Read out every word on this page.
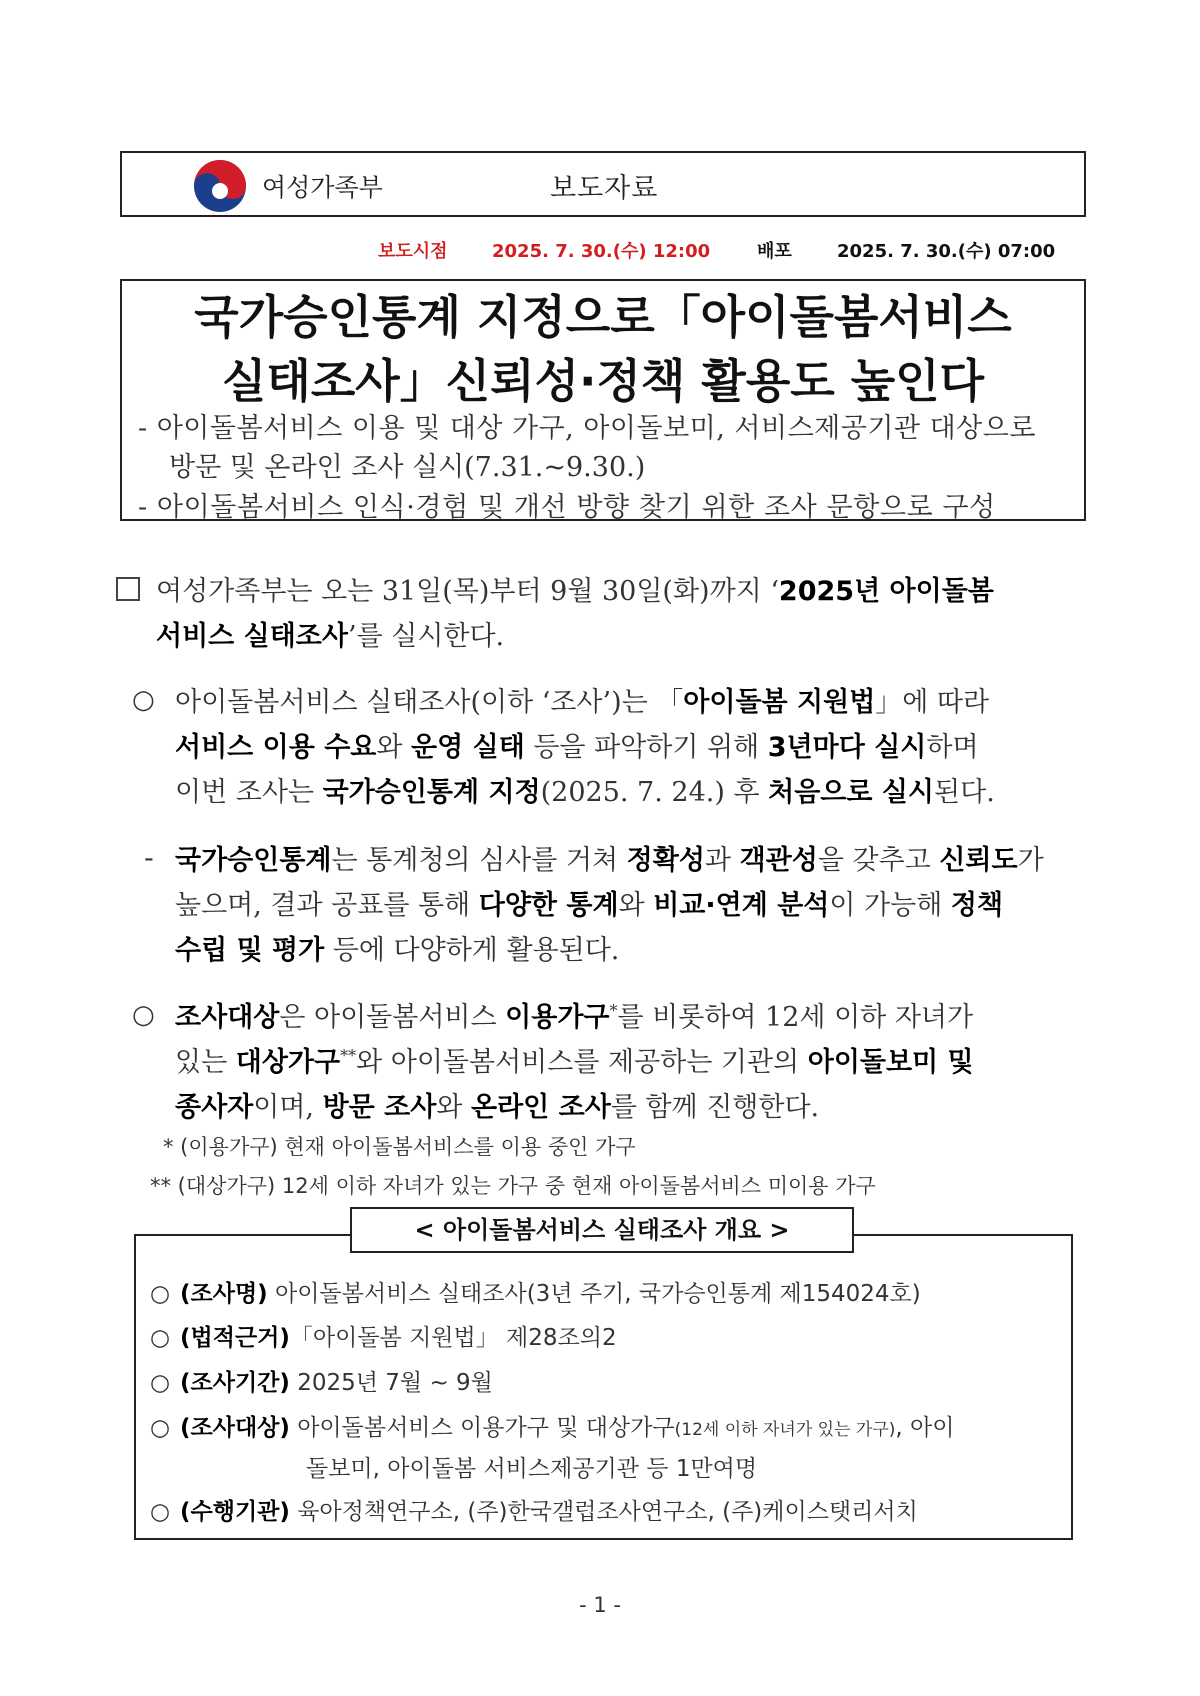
여성가족부	보도자료
보도시점 2025. 7. 30.(수) 12:00	배포	2025. 7. 30.(수) 07:00
국가승인통계 지정으로「아이돌봄서비스
실태조사」신뢰성·정책 활용도 높인다
- 아이돌봄서비스 이용 및 대상 가구, 아이돌보미, 서비스제공기관 대상으로
방문 및 온라인 조사 실시(7.31.~9.30.)
- 아이돌봄서비스 인식·경험 및 개선 방향 찾기 위한 조사 문항으로 구성
여성가족부는 오는 31일(목)부터 9월 30일(화)까지 ‘2025년 아이돌봄
서비스 실태조사’를 실시한다.
○ 아이돌봄서비스 실태조사(이하 ‘조사’)는 「아이돌봄 지원법」에 따라
서비스 이용 수요와 운영 실태 등을 파악하기 위해 3년마다 실시하며
이번 조사는 국가승인통계 지정(2025. 7. 24.) 후 처음으로 실시된다.
- 국가승인통계는 통계청의 심사를 거쳐 정확성과 객관성을 갖추고 신뢰도가
높으며, 결과 공표를 통해 다양한 통계와 비교·연계 분석이 가능해 정책
수립 및 평가 등에 다양하게 활용된다.
○ 조사대상은 아이돌봄서비스 이용가구*를 비롯하여 12세 이하 자녀가
있는 대상가구**와 아이돌봄서비스를 제공하는 기관의 아이돌보미 및
종사자이며, 방문 조사와 온라인 조사를 함께 진행한다.
* (이용가구) 현재 아이돌봄서비스를 이용 중인 가구
** (대상가구) 12세 이하 자녀가 있는 가구 중 현재 아이돌봄서비스 미이용 가구
< 아이돌봄서비스 실태조사 개요 >
○ (조사명) 아이돌봄서비스 실태조사(3년 주기, 국가승인통계 제154024호)
○ (법적근거)「아이돌봄 지원법」 제28조의2
○ (조사기간) 2025년 7월 ~ 9월
○ (조사대상) 아이돌봄서비스 이용가구 및 대상가구(12세 이하 자녀가 있는 가구), 아이
돌보미, 아이돌봄 서비스제공기관 등 1만여명
○ (수행기관) 육아정책연구소, (주)한국갤럽조사연구소, (주)케이스탯리서치
- 1 -
